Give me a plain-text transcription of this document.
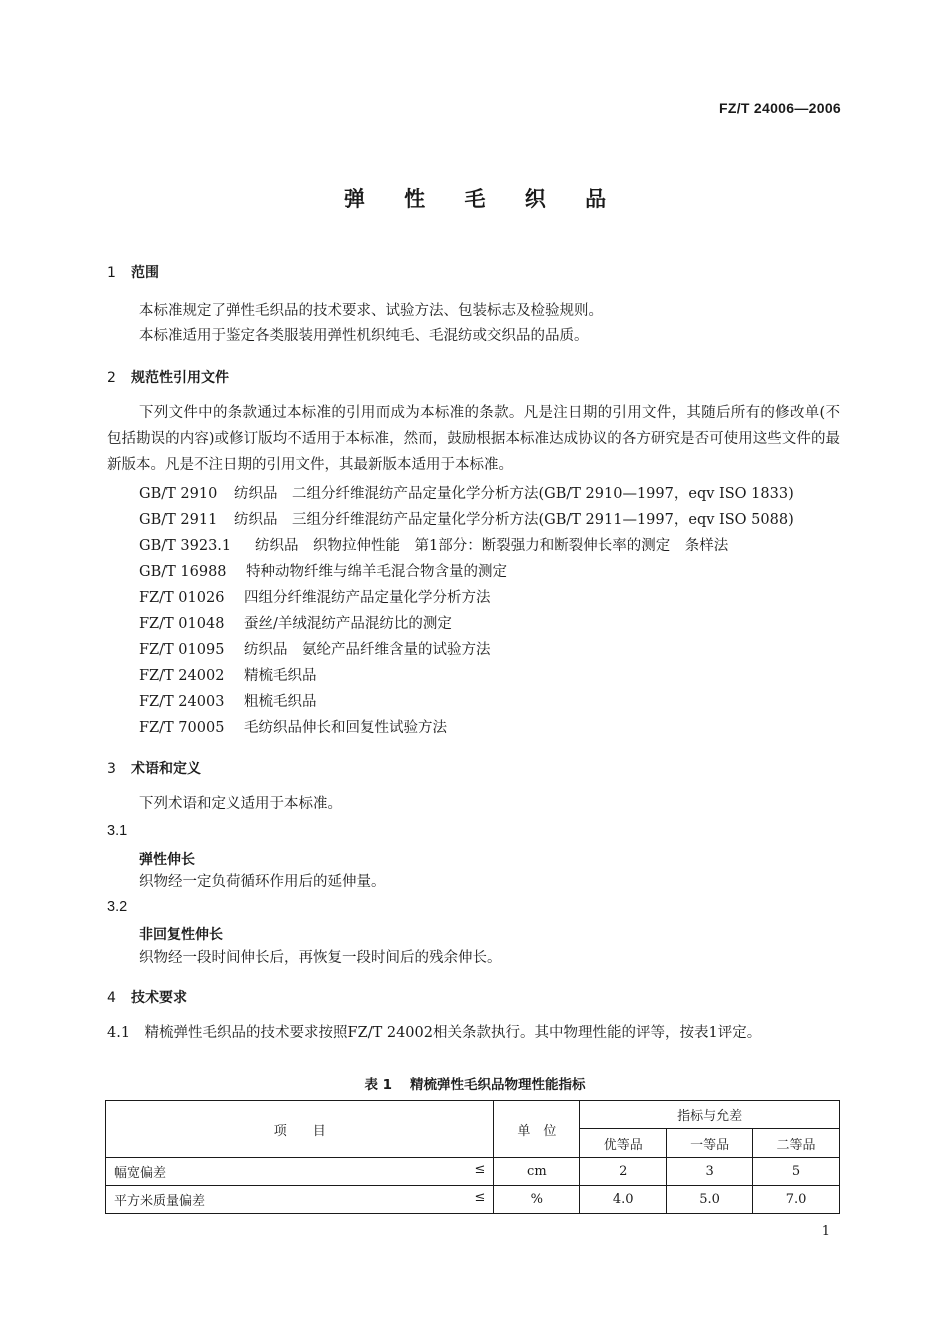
FZ/T 24006—2006
弹 性 毛 织 品
1 范围
本标准规定了弹性毛织品的技术要求、试验方法、包装标志及检验规则。
本标准适用于鉴定各类服装用弹性机织纯毛、毛混纺或交织品的品质。
2 规范性引用文件
下列文件中的条款通过本标准的引用而成为本标准的条款。凡是注日期的引用文件，其随后所有的修改单(不包括勘误的内容)或修订版均不适用于本标准，然而，鼓励根据本标准达成协议的各方研究是否可使用这些文件的最新版本。凡是不注日期的引用文件，其最新版本适用于本标准。
GB/T 2910 纺织品　二组分纤维混纺产品定量化学分析方法(GB/T 2910—1997，eqv ISO 1833)
GB/T 2911 纺织品　三组分纤维混纺产品定量化学分析方法(GB/T 2911—1997，eqv ISO 5088)
GB/T 3923.1 纺织品　织物拉伸性能　第1部分：断裂强力和断裂伸长率的测定　条样法
GB/T 16988 特种动物纤维与绵羊毛混合物含量的测定
FZ/T 01026 四组分纤维混纺产品定量化学分析方法
FZ/T 01048 蚕丝/羊绒混纺产品混纺比的测定
FZ/T 01095 纺织品　氨纶产品纤维含量的试验方法
FZ/T 24002 精梳毛织品
FZ/T 24003 粗梳毛织品
FZ/T 70005 毛纺织品伸长和回复性试验方法
3 术语和定义
下列术语和定义适用于本标准。
3.1
弹性伸长
织物经一定负荷循环作用后的延伸量。
3.2
非回复性伸长
织物经一段时间伸长后，再恢复一段时间后的残余伸长。
4 技术要求
4.1　精梳弹性毛织品的技术要求按照FZ/T 24002相关条款执行。其中物理性能的评等，按表1评定。
表 1 精梳弹性毛织品物理性能指标
项　　目	单　位	指标与允差		
		优等品	一等品	二等品
幅宽偏差 ≤	cm	2	3	5
平方米质量偏差 ≤	%	4.0	5.0	7.0
1
